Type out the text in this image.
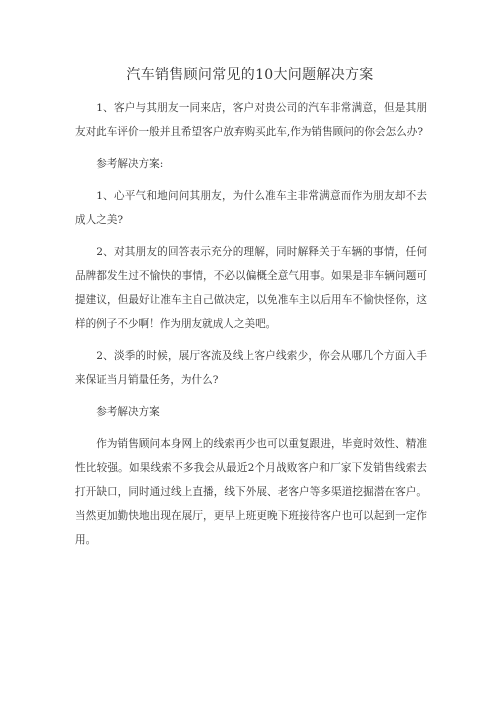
汽车销售顾问常见的10大问题解决方案

1、客户与其朋友一同来店，客户对贵公司的汽车非常满意，但是其朋友对此车评价一般并且希望客户放弃购买此车,作为销售顾问的你会怎么办?

参考解决方案:

1、心平气和地问问其朋友，为什么准车主非常满意而作为朋友却不去成人之美?

2、对其朋友的回答表示充分的理解，同时解释关于车辆的事情，任何品牌都发生过不愉快的事情，不必以偏概全意气用事。如果是非车辆问题可提建议，但最好让准车主自己做决定，以免准车主以后用车不愉快怪你，这样的例子不少啊！作为朋友就成人之美吧。

2、淡季的时候，展厅客流及线上客户线索少，你会从哪几个方面入手来保证当月销量任务，为什么?

参考解决方案

作为销售顾问本身网上的线索再少也可以重复跟进，毕竟时效性、精准性比较强。如果线索不多我会从最近2个月战败客户和厂家下发销售线索去打开缺口，同时通过线上直播，线下外展、老客户等多渠道挖掘潜在客户。当然更加勤快地出现在展厅，更早上班更晚下班接待客户也可以起到一定作用。
